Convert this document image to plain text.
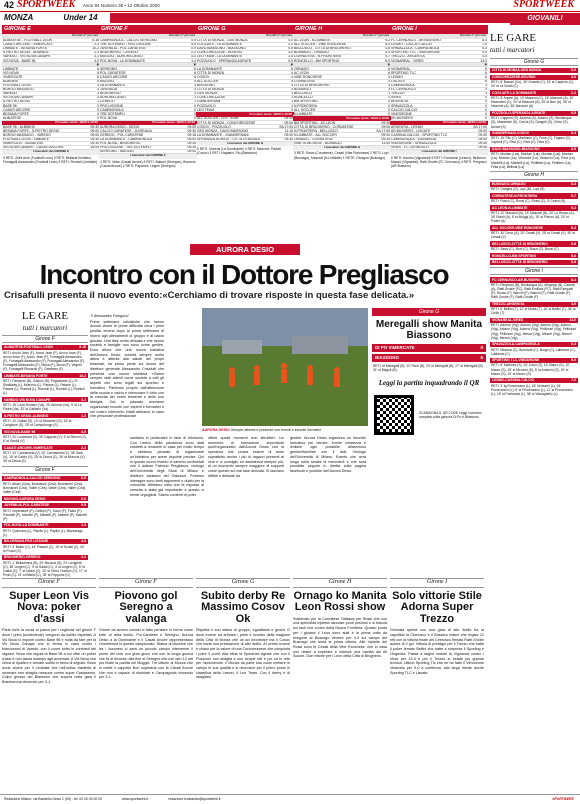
42 SPORTWEEK Anno 84 Numero 38 • 12 Ottobre 2020	SPORTWEEK
MONZA	Under 14	GIOVANILI
GIRONE E
Risultati 2ª giornata
ALBIATESE - FOOTBALL LEON	5-16
CASATI ARCORE - VIMERCATE	2-3
LIMBIATE - BESANA FORTE	10-2
S.PIETRO DESIO - ALBINESI	1-3
VAREDO - VIS NOVA CANAPE	3-1
VIS NOVA - BASE 96	4-0
P
LIMBIATE	6
VIS NOVA	6
VIMERCATE	6
ALBINESI	4
FOOTBALL LEON	4
BORGO MASSAGO	3
VAREDO	3
VIS NOVA CANAPE	3
S.PIETRO DESIO	1
BASE 96	0
CASATI ARCORE	0
BESANA FORTE	0
ALBIATESE	0
Prossimo turno: 18/10 h.10:00
BASE 96 - ALBINESI	09:30
BESANA FORTE - S.PIETRO DESIO	09:00
BORGO MASSAGO - VAREDO	09:00
FOOTBALL LEON - LIMBIATE	09:30
VIMERCATE - ALBIATESE	09:30
VIS NOVA CANAPE - CASATI ARCORE	16:00
I marcatori del GIRONE E
4 RETI: Zeini Amir (Football Leon) 3 RETI: Bellavia Emiliano, Fumagalli Alessandro (Football Leon) 3 RETI: Rumioli (Limbiate)
GIRONE F
Risultati 2ª giornata
CAMPAGNOLA - CALCIO SEREGNO	0-9
TRE SOTEMPLI - PRO LISSONE	4-0
JUVENILIA - POL.CARATESE	0-9
BRUGHERIO - CEREDO	2-2
MUGGIÓ - AURORA DESIO	0-0
POL.NOVA - LA DOMINANTE	1-4
P
SEREGNO	6
POL.CARATESE	6
CASATI ARCORE	6
MUGGIÓ	4
LA DOMINANTE	3
JUVENILIA	3
BRUGHERIO	3
AURORA DESIO	1
CEREDO	1
PRO LISSONE	0
CAMPAGNOLA	0
TRE SOTEMPLI
POL.NOVA	0
Prossimo turno: 18/10 h.10:00
AURORA DESIO - DESIO	09:00
CALCIO CARATESE - JUVENILIA	09:30
CEREDO - POL.CARATESE	09:15
LA DOMINANTE - CAMPAGNOLA	09:00
POL.NOVA - BRUGHERIO	09:30
PRO LISSONE - TRE SOTEMPLI	09:30
SEREGNO - MUGGIÓ	09:00
I marcatori del GIRONE F
4 RETI: Vatre (Casati Arcore) 3 RETI: Baboni (Seregno), Bonanni (Casati Arcore) 2 RETI: Paparoni, Lingeri (Seregno)
GIRONE G
Risultati 2ª giornata
CITTÀ DI MONZA - GES MONZA	0-0
COGLIATE - LA DOMINANTE	2-2
DAVO BIASSONO - BIASSONO	0-5
CONCOREZZESE - BOVISIO	3-0
LEO TEAM - LA DOMINANTE	1-4
POZZUOLO - SPERANZA AGRATE	0-9
P
LA DOMINANTE	6
CITTÀ DI MONZA	4
COSOV	4
ALL SOCCER	4
BIASSONO	4
CITTÀ DI MONZA	3
GES MONZA	1
CONCOREZZESE	1
GIANDERSANI	1
POZZUOLO	1
LEO TEAM	0
Prossimo turno: 18/10 h.10:00
ALL SOCCER - LEO TEAM	09:00
CITTÀ DI MONZA - CONCOREZZESE	09:00
COSOV - POZZUOLO	SA 17:00
GES MONZA - DAVO BIASSONO	11:15
LA DOMINANTE - GIANDERSANI	09:00
SPERANZA AGRATE - CITTÀ DI MONZA	09:30
I marcatori del GIRONE G
5 RETI: Mureria (La Dominante) 4 RETI: Mazzoni, Pallotti (Cosov) 3 RETI: Naparini, Pio (Biassono)
GIRONE H
Risultati 2ª giornata
AC LEON - N.LIMBIATE	9-2
ALL SOCCER - VIBE RONCHESE	5-3
BELLUSCO - CITTÀ DI BRUGHERIO	0-8
BUSNAGO - ORNAGO	3-4
CORNATESE - N.FRONTIERA	0-7
RONCELLO - BM SPORTING	5-0
P
ORNAGO	6
AC LEON	6
VIBE RONCHESE	3
CORNATESE	3
CITTÀ DI BRUGHERIO	3
BUSNAGO	3
BELLUSCO	1
RONCELLO	1
BM SPORTING	0
N.FRONTIERA	0
ALL SOCCER	0
N.LIMBIATE	0
Prossimo turno: 18/10 h.10:00
BM SPORTING - AC LEON	09:30
CITTÀ DI BRUGHERIO - CORNATESE	09:00
N.FRONTIERA - BELLUSCO	SA 17:00
N.LIMBIATE - ALL SOCCER	09:00
ORNAGO - CORNATESE	09:30
VIBE RONCHESE - BUSNAGO	11:00
I marcatori del GIRONE H
3 RETI: Rossi (Cornatese), Cesati (Vibe Ronchese) 2 RETI: Lupi (Busnago), Mascioli (N.Limbiate) 1 RETE: Ceragna (Busnago)
GIRONE I
Risultati 2ª giornata
FC CERNUSCO - AR.BUSSERO	8-4
LESMO - CALCIO CALCIO	7-0
SPAVAZZOLA - CAMPAGNOLA	0-3
SPORTING TLC - VIMODRONE	9-0
TREZZO - ARGENTIA	4-0
VIGNAREAL - VIRES	13-0
P
VIGNAREAL	6
SPORTING TLC	6
LESMO	6
LISCATE	6
CAMPAGNOLA	3
FC CERNUSCO	3
TREZZO	3
VIRES	0
ARGENTIA	0
SPAVAZZOLA	0
CALCIO CALCIO	0
VIMODRONE	0
AR.BUSSERO	0
Prossimo turno: 18/10 h.10:00
ARGENTIA - LESMO	SA 17:00
AR.BUSSERO - LISCATE	09:00
CASSINA CALCIO - SPORTING TLC	09:30
CAMPAGNOLA - VIGNAREAL	09:00
VIMODRONE - SPAVAZZOLA	09:30
VIRES - FC CERNUSCO	09:30
I marcatori del GIRONE I
6 RETI: Adorno (Vignareal) 5 RETI: Fontanesi (Lesmo), Belloroni, Maroni (Vignareal), Ratti Grodie (FC Cernusco) 4 RETI: Pergiucci (AR.Bussero)
LE GARE
tutti i marcatori
Girone G
CITTÀ DI MONZA-GES MONZA	0-0
CONCOREZZESE-BOVISIO	3-0
RETI: 6' Baeoni (Co), 30' Guarda (C), 15' st Capriolo (C), 20' st La Scala (C)
COGLIATE-LA DOMINANTE	2-2
RETI: 8' Arpesi (A), 10' Mazzoni (C), 15' Mazzoni (A), 20' Mazzoleni (C), 20' st Mazzoni (A), 25' st Ban (A), 35' st Mazzoni (A), 38' Mazzoni (A)
POZZUOLO-SPERANZA AGRATE	0-9
RETI: Capponi (S), Azzena (S), Adorno (S), Bevilacqua (S), Massimini (S), Cerioli (S), Dangeli (S), Cirico (S), Arzani (S)
GIANDERSANI-COSOV	0-4
RETI: 15' Pilu (C), Martinieri (C), Fuxe (C), Fagiani (C), Caprioli (C), Riva (C), Riva (C), Riva (C)
DAVO BIASSONO-BIASSONO	0-5
RETI: Montan (Lat), Montan (Lat), Montan (Lat), Montan (La), Montan (La), Venturini (La), Venturini (La), Riva (La), Mantelli (La), Mantelli (La), Pellittieri (La), Pellitteri (La), Fella (La), Bellinia (La)
Girone H
BUSNAGO-ORNAGO	3-4
RETI: Garigna (O), Lupi (B), Lupi (B)
CORNATESE-N.FRONTIERA	0-7
RETI: Rossi (C), Rossi (C), Rossi (C), 3' Cesini (N)
AC LEON-N.LIMBIATE	9-2
RETI: 12' Mascioli (N), 15' Mascioli (N), 20' Lo Russo (A), 35' Rotoli (A), 5' st Alviggi (A), 15' st Parron (A), 20' st Pulieri (A)
ALL SOCCER-VIBE RONCHESE	5-3
RETI: 30' Deco (A), 20' Cesati (V), 25' st Cesati (V), 35' st Cesati (V)
BELLUSCO-CITTÀ DI BRUGHERIO	0-8
RETI: Sassi (C), Boni (C), Buzzi (C), Buzzi (C)
RONCELLO-BM SPORTING	5-0
BELLUSCO-CITTÀ DI BRUGHERIO	0-8
Girone I
FC CERNUSCO-AR.BUSSERO	8-4
RETI: Pergiucci (B), Bevilacqua (A), Mirgiorgi (B), Cairetti (A), Ratti Grodie (FC), Ratti Emiliani (FC), Ratti Esequiel (F), Russo (F), Banchi (F), Banchi (F), Ratti Grodie (F), Ratti Grodie (F), Ratti Grodie (F)
TREZZO-ARGENTIA	4-0
RETI: 6' Bellini (T), 12' st Motta (T), 16' st Bellini (T), 36' st Cirillo (T)
VIGNAREAL-VIRES	13-0
RETI: Adorno (Vig), Adorno (Vig), Adorno (Vig), Adorno (Vig), Adorno (Vig), Adorno (Vig), Pellizzari (Vig), Pellizzari (Vig), Pellizzari (Vig), Mesori (Vig), Mesori (Vig), Mesori (Vig), Mesori (Vig)
SPAVAZZOLA-CAMPAGNOLA	0-3
RETI: Meazza (C), Bonnardi (C), Borgo (C), Lablanca (C), Lablanca (C)
SPORTING TLC-VIMODRONE	9-0
RETI: 8' Martinez (S), 10' Zucci (S), 15' Mauro (S), 20' Mauro (S), 25' st Nicolosi (S), 5' st Antonini (S), 15' st Mauro (S), 20' st Mauro (S)
LESMO-CASSINA CALCIO	7-0
RETI: 3' tg Provenzano (L), 18' Venturini (L), 24' Provenzano (L), 8' st Provenzano (L), 11' st Provenzano (L), 15' st Fontanesi (L), 38' st Vianaghello (L)
AURORA DESIO
Incontro con il Dottore Pregliasco
Crisafulli presenta il nuovo evento:«Cerchiamo di trovare risposte in questa fase delicata.»
LE GARE
tutti i marcatori
Girone F
ALBIATESE-FOOTBALL LEON	5-16
RETI: Arcon Jean (F), Arcon Jean (F), Arcon Jean (F), Arcon Jean (F), Arcon Jean (F), Fumagalli Alessandro (F), Fumagalli Alessandro (F), Fumagalli Alessandro (F), Fumagalli Alessandro (F), Musa (F), Musa (F), Vegeto (F), Fumagalli Riccardo (F), Gambaro (F)
LIMBIATE-BESANA FORTE	10-2
RETI: Passerini (B), Galloro (B), Pappalardo (L), El Shaikawy (L), Mutrovic (L), Patane (L), Patane (L), Patane (L), Rumioli (L), Rumioli (L), Rumioli (L), Rumioli (L)
VAREDO-VIS NOVA CANAPE	3-1
RETI: 15' Loza Romero (Va), 20' Amonio (Va), 5' st La Pietra (Va), 20' st Galliano (Va)
S.PIETRO DESIO-ALBINESI	1-3
RETI: 10' Dallari (S), 10' st Strozzieri (S), 15' st Coriglione (S), 25' st Campolongo (S)
VIS NOVA-BASE 96	4-0
RETI: 20' Lowchard (V), 30' Cappola (V), 5' st Simoni (V), 6' st Gentili (V)
CASATI ARCORE-VIMERCATE	2-3
RETI: 10' Cannamela (V), 20' Cannamela (V), 38' Sala (V), 15' st Calcio (V), 25' st Zecca (C), 35' st Muncini (V), 40' st Zecca (C)
Girone F
CAMPAGNOLA-CALCIO SEREGNO	0-9
RETI: Afrani (Cea), Bonnaroni (Cea), Bonnaroni (Cea), Bonnaroni (Cea), Valter (Cea), Valter (Cea), Valter (Cea), Valter (Cea)
MUGGIÓ-AURORA DESIO	0-0
JUVENILIA-POL.CARATESE	0-9
RETI: Imperatore (P), Dellepi (P), Socci (P), Fabio (P), Pandolfi (P), Manetti (P), Manetti (P), Manetti (P), Manetti (P)
POL.NOVA-LA DOMINANTE	1-4
RETI: Quinzano (L), Papilio (L), Papilio (L), Mazzarago (L)
BR.CERIANI-PRO LISSONE	4-0
RETI: 5' Baser (C), 44' Passari (C), 15' st Scusti (C), 40' st Pruzzi (C)
BRUGHERIO-CEREDO	2-2
RETI: 1' Belladonna (B), 20' Muracci (B), 24' Lavigletti (C), 38' Lingeri (C), 3' st Gaddi (C), 4' st Lingeri (C), 5' st Gaddi (C), 7' st Gaddi (C), 10' st Tofini, Hudson (C), 17' st Pinto (C), 21' st Bistini (C), 35' st Poppone (C)
✎ Alessandro Fotrigucci
Prime settimane calcistiche che hanno dovuto vivere le prime difficoltà circa i primi positivi emersi dopo la prima settimana di ritorno agli allenamenti di gruppo e al calcio giocato. Una fase molto delicata e che ripone società e famiglie non sono come gestire. Ecco allora che una nuova iniziativa dell'Aurora Desio, società sempre molto attiva e attenta alla salute dei propri tesserati, ha preso piede sul lavoro del direttore generale Alessandro Crisafulli che presenta una nuova iniziativa «Siamo sempre stati attenti come società a tutti gli aspetti che sono legati sia sportivo e formativo. Partendo proprio dall'attenzione della scuola e calcio e intrecciare il tutto con la crescita dei nostri tesserati e delle loro famiglie. Già in passato avevamo organizzato incontri con esperti e formatori e nel nostro intervento infatti abbiamo in caso che personale professionale
AURORA DESIO Sempre attenta e presente con eventi e incontri formativi
sanitario in particolare in fase di infortunio. Con l'arrivo della pandemia sono stati costretti a rimanere in casa per molto tempo e abbiamo pensato di organizzare un'iniziativa per avere risposte precise. Qui in questo nuovo evento ci saremo confrontati con il dottore Fabrizio Pregliasco, virologo dell'Università degli Studi di Milano e direttore sanitario del Galeazzi. Potremo interagire sono tanti argomenti e dubbi per la comunità. Abbiamo visto che la risposta di crescita è stata già importante e questo ci rende orgogliosi. Siamo contenti di poter
offrire questi momenti così istruttivi». Un momento di formazione importante quell'organizzato dall'Aurora Desio con la speranza che possa essere di aiuto soprattutto anche i più di ragazzi presenti al club e ci consiglio on assistenza sempre più, al un momento sempre maggiore di supporti come questo ad una fase delicata. Si lasciano difficili e delicate da
gestire. Aurora Desio organizza un incontro formativo per istruire, fornire chiarezza e limitare ogni possibile allarmismo genitori/familiari con il dott. Virologo dell'Università di Milano. Evento che avrà luogo nella serata di mercoledì e che sarà possibile seguire in diretta sulla pagina facebook e youtube dell'Aurora Desio.
Girone G
Meregalli show Manita Biassono
DI PO VIMERCATE	0
BIASSONO	5
RETI: st Meregalli (B), 12' Rivoi (B), 20' st Meregalli (B), 27' st Meregalli (B), 31' st Magoli (B).
Leggi la partita inquadrando il QR
SCANSIONA IL QR CODE Leggi il servizio completo sulla gara tra Di Po e Biassono
Girone F
Super Leon Vis Nova: poker d'assi

Parte forte la corsa al passo per i regionali nel girone F dove i primi (ovviamente) vengono da subito rispettati. A Vis Nova si impone contro Base 96 e nulla da fare per la Vis Nova Canape che si ferma in casa contro i biancorossi di Varedo, con il cuore sotto le contrasti dei ragazzi. Nova che regola la Base 96 a cui offre un poker d'assi e non lascia scampo agli avversari. A Vis Nova che cerca di ripartire e tornare subito in tema di seguito. Buon avvio anche per il Limbiate che nell'ostica trasferta di recenare non sbaglia nessuna contro super Castaneros. Colpo grosso del Biassono che supera nella gara il Boscherona vincendo per 3-1.

Girone F
Piovono gol Seregno a valanga

Girone da avvero colossi vi fatto pensare in forma come tutte di altra livello. Pol.Caratese e Seregno, Aurora Desio a la Dominante e il Casati Arcore rappresentano l'eccellenza in questo campionato. Statua di lavorare che tra i lissonesi ci sarà un piccolo campo intervenire il punto del club con gran gioco che con la lunga giuoca che fa di rimonta: alla fine al Seregno che con ben 12 reti più finale la partita nel Muggiò. Tre vittorie al Monza che si mette il cappello Bon superarla con la Casati Arcore che non è capace di rischiare e Campagnola vincendo per 3-1.

Girone G
Subito derby Re Massimo Cosov Ok

Rispetta il suo status di gruppo, egualitaria e girone G dove invece ad arrivare i primi è scontro della stagione della Città di Monza che va ad incontrare ma il Cosov che inizia una prestazione di alto livello. Al centro invece è chiaro per la valore di una Concorezzese che conquista i primi 3 punti. Alla sfida la Speranza Agrate che con il Pozzuolo non sbaglia e con cinque reti e poi va in rete per l'amichevole. Il Monza da parte sua vuole mettere in campo le sue qualità e si riconosce per il primo posto in classifica della Lesmo, il Leo Team. Con il derby è di sbagliato.

Girone H
Ornago ko Manita Leon Rossi show

Scatenato per la Cornatese Tattasca per Rossi che con una splendida tripletta raccolse punti preziosi e si traccia sui tanti che contro della Nuova Frontiera. Questo punta per i giovani il Leon sono stati è la prima volta da eseguire al Busnago vincere per 4-3 sul campo del Busnago che tenta la prima vittoria. Alle triplette del Rossi sono le Cesati della Vibe Ronchese, che in casa non riesce a superare e subisce una manita dal All Soccer. Due vittorie per i Leon della Città di Brugherio.

Girone I
Solo vittorie Stile Adorna Super Trezzo

Giornata aperta con una gara di alto livello fra la capolista la Cernusco e il Bussero match che regala 12 reti con la vittoria finale del Cernusco firmata Ratti Grodie autore di 3 gol. Vittoria di prestigio per il Trezzo che batte il poker firmato Bellini che batte a sorpresa il Sporting e l'Argentia. Passa a larghe vedute la Vignareal contro i Vires per 13-0 e per il Trezzo in estate più grande tecnica. Ultimo Sporting Tlc che ne ha fatto il Vimodrone vincendo per 9-0 a conferma, alla larga mente anche Sporting TLC e Liscate.

Redazione Milano: via Bandello Desio 1 (MI) - tel. 02 00 00 00 00	www.sportweek.it	redazione.lombardia@sportweek.it	SPORTWEEK
